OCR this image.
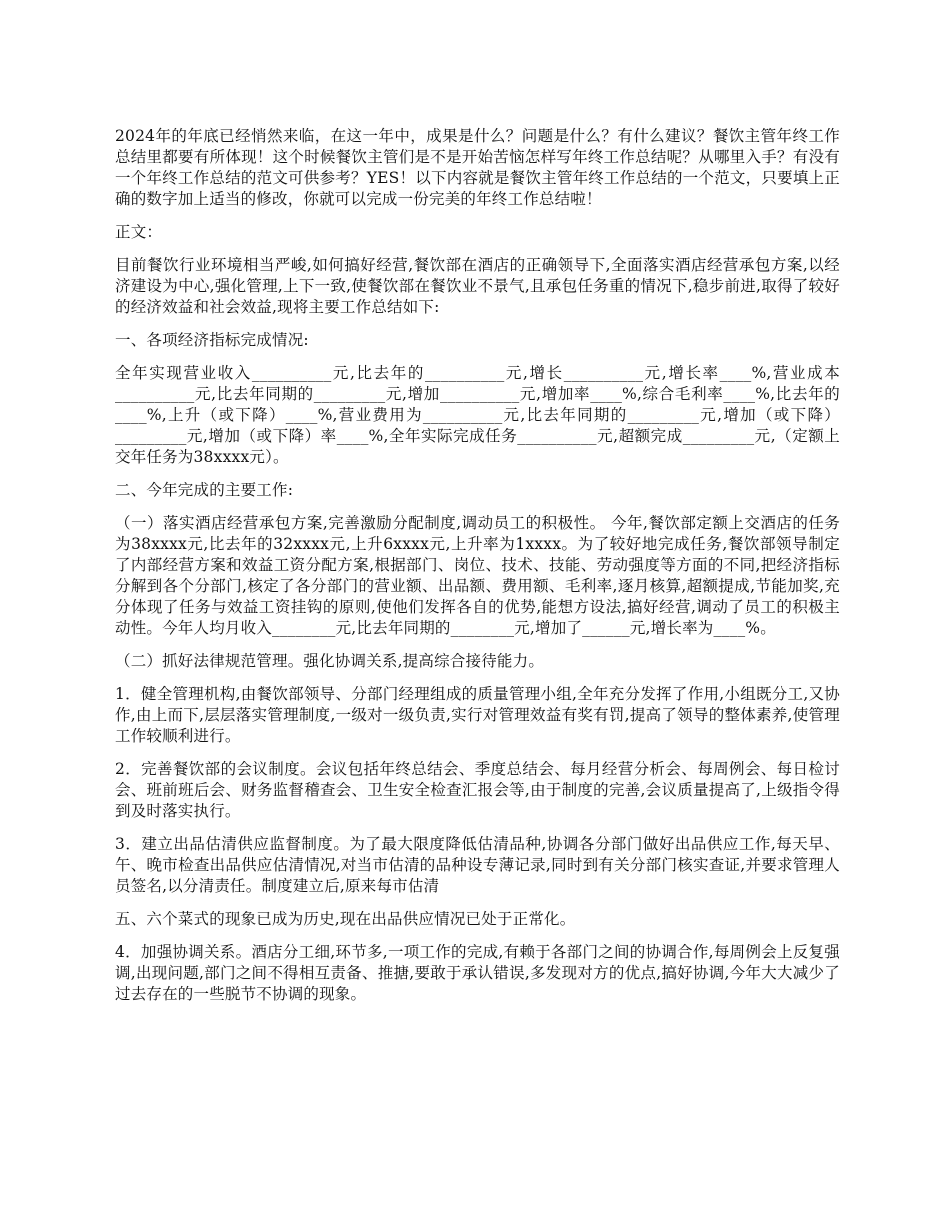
2024年的年底已经悄然来临，在这一年中，成果是什么？问题是什么？有什么建议？餐饮主管年终工作总结里都要有所体现！这个时候餐饮主管们是不是开始苦恼怎样写年终工作总结呢？从哪里入手？有没有一个年终工作总结的范文可供参考？YES！以下内容就是餐饮主管年终工作总结的一个范文，只要填上正确的数字加上适当的修改，你就可以完成一份完美的年终工作总结啦！

正文：

目前餐饮行业环境相当严峻,如何搞好经营,餐饮部在酒店的正确领导下,全面落实酒店经营承包方案,以经济建设为中心,强化管理,上下一致,使餐饮部在餐饮业不景气,且承包任务重的情况下,稳步前进,取得了较好的经济效益和社会效益,现将主要工作总结如下:

一、各项经济指标完成情况:

全年实现营业收入__________元,比去年的__________元,增长__________元,增长率____%,营业成本__________元,比去年同期的_________元,增加__________元,增加率____%,综合毛利率____%,比去年的____%,上升（或下降）____%,营业费用为__________元,比去年同期的_________元,增加（或下降）_________元,增加（或下降）率____%,全年实际完成任务__________元,超额完成_________元,（定额上交年任务为38xxxx元）。

二、今年完成的主要工作:

（一）落实酒店经营承包方案,完善激励分配制度,调动员工的积极性。 今年,餐饮部定额上交酒店的任务为38xxxx元,比去年的32xxxx元,上升6xxxx元,上升率为1xxxx。为了较好地完成任务,餐饮部领导制定了内部经营方案和效益工资分配方案,根据部门、岗位、技术、技能、劳动强度等方面的不同,把经济指标分解到各个分部门,核定了各分部门的营业额、出品额、费用额、毛利率,逐月核算,超额提成,节能加奖,充分体现了任务与效益工资挂钩的原则,使他们发挥各自的优势,能想方设法,搞好经营,调动了员工的积极主动性。今年人均月收入________元,比去年同期的________元,增加了______元,增长率为____%。

（二）抓好法律规范管理。强化协调关系,提高综合接待能力。

1．健全管理机构,由餐饮部领导、分部门经理组成的质量管理小组,全年充分发挥了作用,小组既分工,又协作,由上而下,层层落实管理制度,一级对一级负责,实行对管理效益有奖有罚,提高了领导的整体素养,使管理工作较顺利进行。

2．完善餐饮部的会议制度。会议包括年终总结会、季度总结会、每月经营分析会、每周例会、每日检讨会、班前班后会、财务监督稽查会、卫生安全检查汇报会等,由于制度的完善,会议质量提高了,上级指令得到及时落实执行。

3．建立出品估清供应监督制度。为了最大限度降低估清品种,协调各分部门做好出品供应工作,每天早、午、晚市检查出品供应估清情况,对当市估清的品种设专薄记录,同时到有关分部门核实查证,并要求管理人员签名,以分清责任。制度建立后,原来每市估清

五、六个菜式的现象已成为历史,现在出品供应情况已处于正常化。

4．加强协调关系。酒店分工细,环节多,一项工作的完成,有赖于各部门之间的协调合作,每周例会上反复强调,出现问题,部门之间不得相互责备、推搪,要敢于承认错误,多发现对方的优点,搞好协调,今年大大减少了过去存在的一些脱节不协调的现象。
